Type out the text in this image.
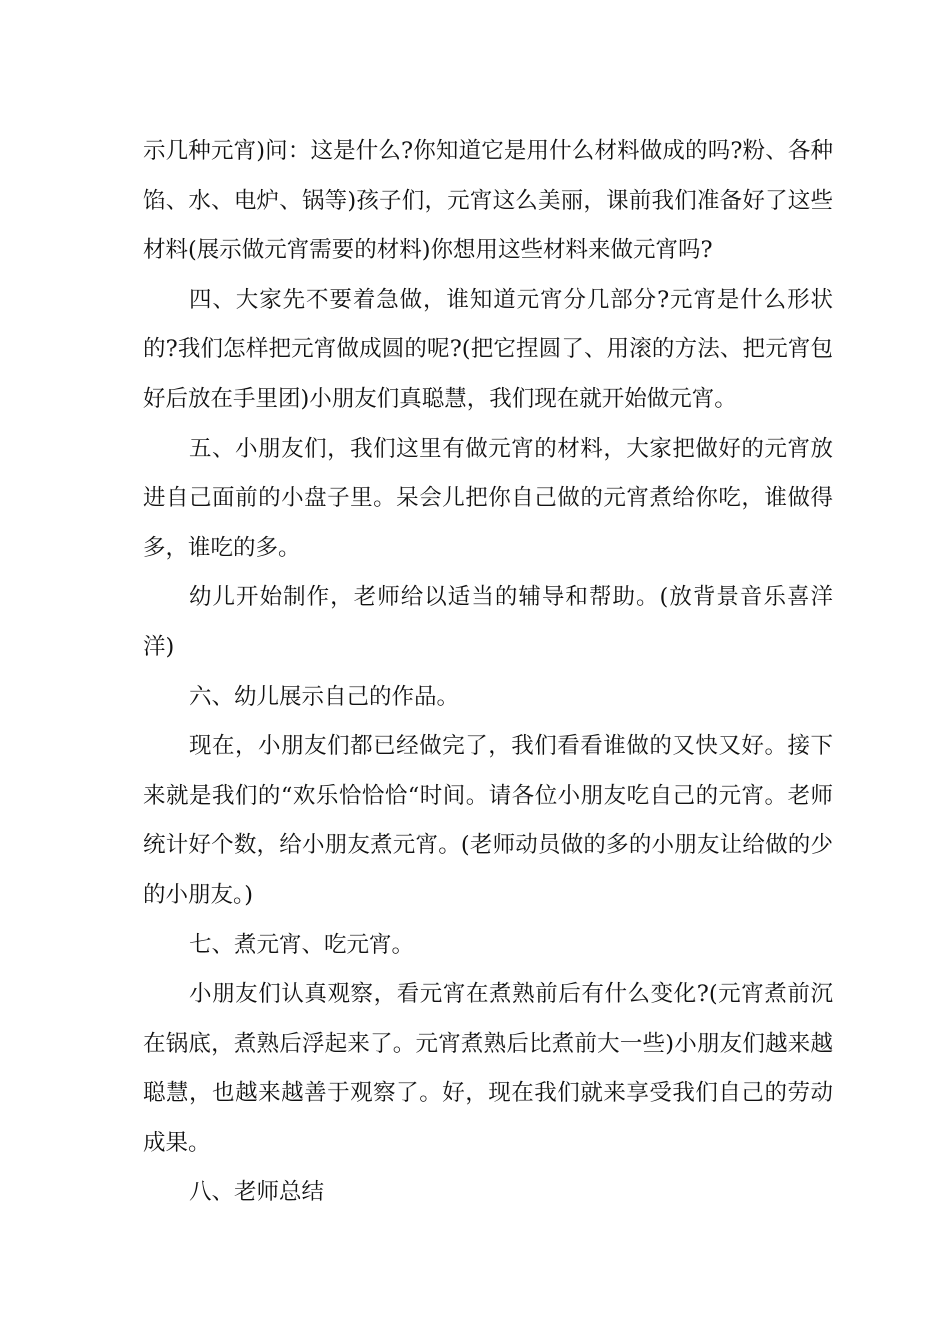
示几种元宵)问：这是什么?你知道它是用什么材料做成的吗?粉、各种馅、水、电炉、锅等)孩子们，元宵这么美丽，课前我们准备好了这些材料(展示做元宵需要的材料)你想用这些材料来做元宵吗?

四、大家先不要着急做，谁知道元宵分几部分?元宵是什么形状的?我们怎样把元宵做成圆的呢?(把它捏圆了、用滚的方法、把元宵包好后放在手里团)小朋友们真聪慧，我们现在就开始做元宵。

五、小朋友们，我们这里有做元宵的材料，大家把做好的元宵放进自己面前的小盘子里。呆会儿把你自己做的元宵煮给你吃，谁做得多，谁吃的多。

幼儿开始制作，老师给以适当的辅导和帮助。(放背景音乐喜洋洋)

六、幼儿展示自己的作品。

现在，小朋友们都已经做完了，我们看看谁做的又快又好。接下来就是我们的“欢乐恰恰恰“时间。请各位小朋友吃自己的元宵。老师统计好个数，给小朋友煮元宵。(老师动员做的多的小朋友让给做的少的小朋友。)

七、煮元宵、吃元宵。

小朋友们认真观察，看元宵在煮熟前后有什么变化?(元宵煮前沉在锅底，煮熟后浮起来了。元宵煮熟后比煮前大一些)小朋友们越来越聪慧，也越来越善于观察了。好，现在我们就来享受我们自己的劳动成果。

八、老师总结
